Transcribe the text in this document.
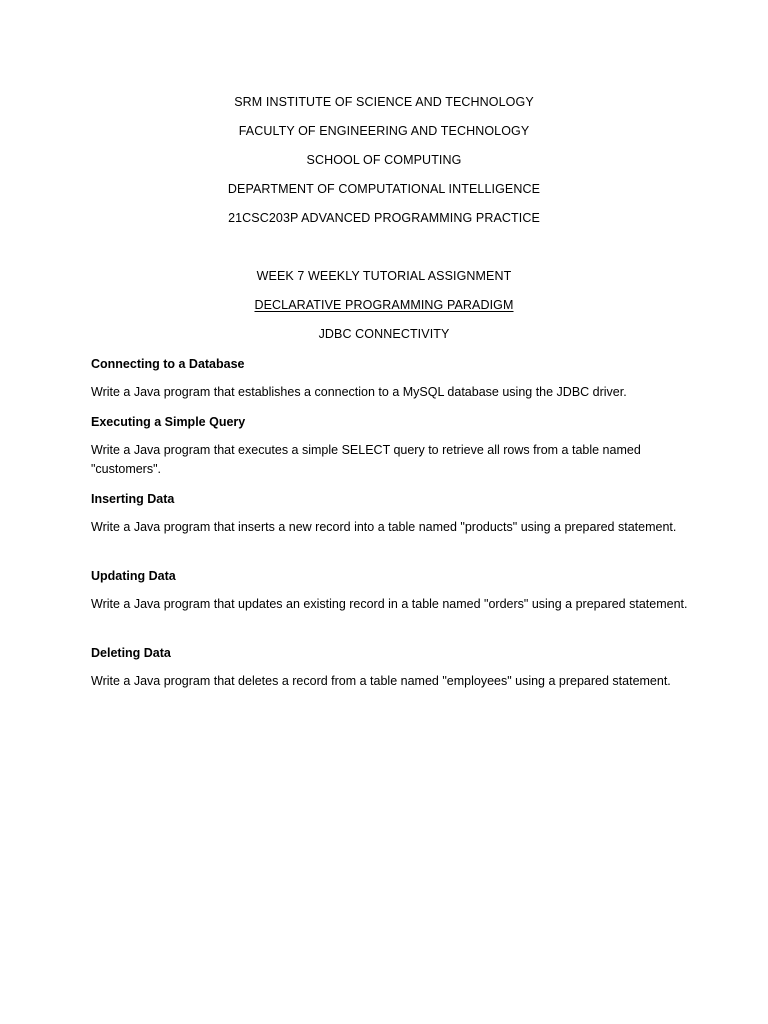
SRM INSTITUTE OF SCIENCE AND TECHNOLOGY
FACULTY OF ENGINEERING AND TECHNOLOGY
SCHOOL OF COMPUTING
DEPARTMENT OF COMPUTATIONAL INTELLIGENCE
21CSC203P ADVANCED PROGRAMMING PRACTICE
WEEK 7 WEEKLY TUTORIAL ASSIGNMENT
DECLARATIVE PROGRAMMING PARADIGM
JDBC CONNECTIVITY
Connecting to a Database
Write a Java program that establishes a connection to a MySQL database using the JDBC driver.
Executing a Simple Query
Write a Java program that executes a simple SELECT query to retrieve all rows from a table named "customers".
Inserting Data
Write a Java program that inserts a new record into a table named "products" using a prepared statement.
Updating Data
Write a Java program that updates an existing record in a table named "orders" using a prepared statement.
Deleting Data
Write a Java program that deletes a record from a table named "employees" using a prepared statement.
